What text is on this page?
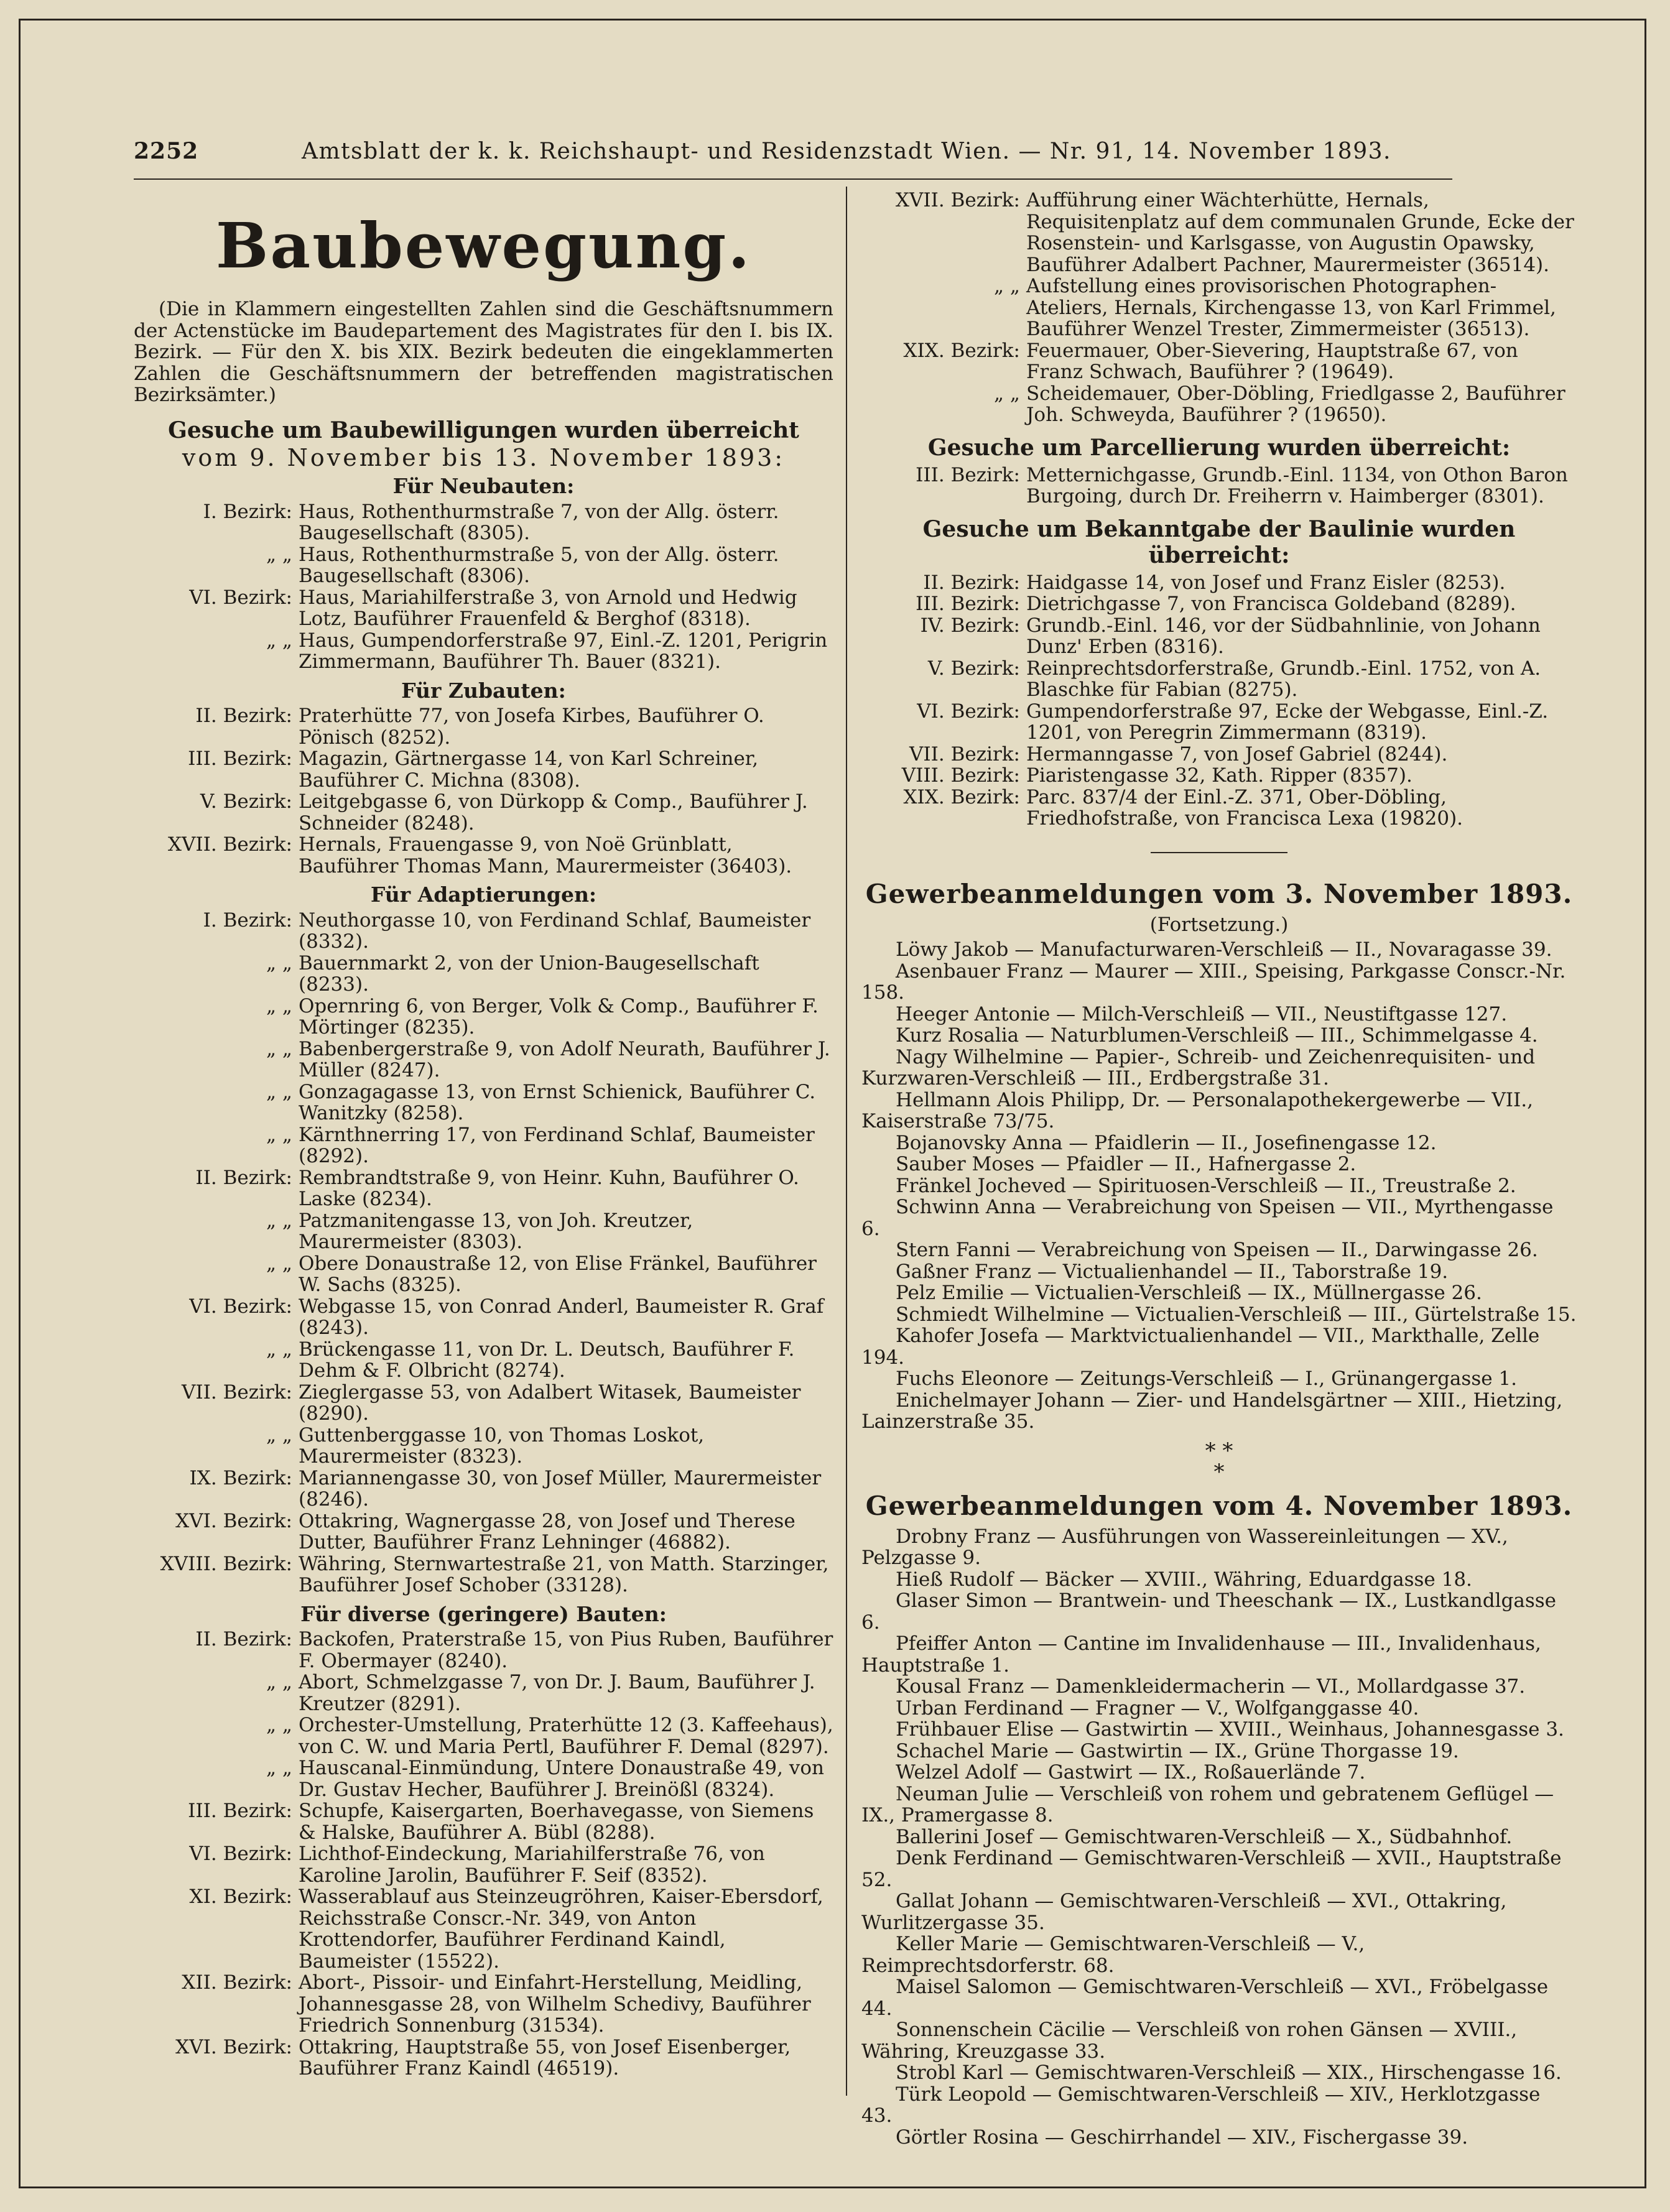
2252	Amtsblatt der k. k. Reichshaupt- und Residenzstadt Wien. — Nr. 91, 14. November 1893.
Baubewegung.
(Die in Klammern eingestellten Zahlen sind die Geschäftsnummern der Actenstücke im Baudepartement des Magistrates für den I. bis IX. Bezirk. — Für den X. bis XIX. Bezirk bedeuten die eingeklammerten Zahlen die Geschäftsnummern der betreffenden magistratischen Bezirksämter.)
Gesuche um Baubewilligungen wurden überreicht
vom 9. November bis 13. November 1893:
Für Neubauten:
I. Bezirk: Haus, Rothenthurmstraße 7, von der Allg. österr. Baugesellschaft (8305).
„ „ Haus, Rothenthurmstraße 5, von der Allg. österr. Baugesellschaft (8306).
VI. Bezirk: Haus, Mariahilferstraße 3, von Arnold und Hedwig Lotz, Bauführer Frauenfeld & Berghof (8318).
„ „ Haus, Gumpendorferstraße 97, Einl.-Z. 1201, Perigrin Zimmermann, Bauführer Th. Bauer (8321).
Für Zubauten:
II. Bezirk: Praterhütte 77, von Josefa Kirbes, Bauführer O. Pönisch (8252).
III. Bezirk: Magazin, Gärtnergasse 14, von Karl Schreiner, Bauführer C. Michna (8308).
V. Bezirk: Leitgebgasse 6, von Dürkopp & Comp., Bauführer J. Schneider (8248).
XVII. Bezirk: Hernals, Frauengasse 9, von Noë Grünblatt, Bauführer Thomas Mann, Maurermeister (36403).
Für Adaptierungen:
I. Bezirk: Neuthorgasse 10, von Ferdinand Schlaf, Baumeister (8332).
„ „ Bauernmarkt 2, von der Union-Baugesellschaft (8233).
„ „ Opernring 6, von Berger, Volk & Comp., Bauführer F. Mörtinger (8235).
„ „ Babenbergerstraße 9, von Adolf Neurath, Bauführer J. Müller (8247).
„ „ Gonzagagasse 13, von Ernst Schienick, Bauführer C. Wanitzky (8258).
„ „ Kärnthnerring 17, von Ferdinand Schlaf, Baumeister (8292).
II. Bezirk: Rembrandtstraße 9, von Heinr. Kuhn, Bauführer O. Laske (8234).
„ „ Patzmanitengasse 13, von Joh. Kreutzer, Maurermeister (8303).
„ „ Obere Donaustraße 12, von Elise Fränkel, Bauführer W. Sachs (8325).
VI. Bezirk: Webgasse 15, von Conrad Anderl, Baumeister R. Graf (8243).
„ „ Brückengasse 11, von Dr. L. Deutsch, Bauführer F. Dehm & F. Olbricht (8274).
VII. Bezirk: Zieglergasse 53, von Adalbert Witasek, Baumeister (8290).
„ „ Guttenberggasse 10, von Thomas Loskot, Maurermeister (8323).
IX. Bezirk: Mariannengasse 30, von Josef Müller, Maurermeister (8246).
XVI. Bezirk: Ottakring, Wagnergasse 28, von Josef und Therese Dutter, Bauführer Franz Lehninger (46882).
XVIII. Bezirk: Währing, Sternwartestraße 21, von Matth. Starzinger, Bauführer Josef Schober (33128).
Für diverse (geringere) Bauten:
II. Bezirk: Backofen, Praterstraße 15, von Pius Ruben, Bauführer F. Obermayer (8240).
„ „ Abort, Schmelzgasse 7, von Dr. J. Baum, Bauführer J. Kreutzer (8291).
„ „ Orchester-Umstellung, Praterhütte 12 (3. Kaffeehaus), von C. W. und Maria Pertl, Bauführer F. Demal (8297).
„ „ Hauscanal-Einmündung, Untere Donaustraße 49, von Dr. Gustav Hecher, Bauführer J. Breinößl (8324).
III. Bezirk: Schupfe, Kaisergarten, Boerhavegasse, von Siemens & Halske, Bauführer A. Bübl (8288).
VI. Bezirk: Lichthof-Eindeckung, Mariahilferstraße 76, von Karoline Jarolin, Bauführer F. Seif (8352).
XI. Bezirk: Wasserablauf aus Steinzeugröhren, Kaiser-Ebersdorf, Reichsstraße Conscr.-Nr. 349, von Anton Krottendorfer, Bauführer Ferdinand Kaindl, Baumeister (15522).
XII. Bezirk: Abort-, Pissoir- und Einfahrt-Herstellung, Meidling, Johannesgasse 28, von Wilhelm Schedivy, Bauführer Friedrich Sonnenburg (31534).
XVI. Bezirk: Ottakring, Hauptstraße 55, von Josef Eisenberger, Bauführer Franz Kaindl (46519).
XVII. Bezirk: Aufführung einer Wächterhütte, Hernals, Requisitenplatz auf dem communalen Grunde, Ecke der Rosenstein- und Karlsgasse, von Augustin Opawsky, Bauführer Adalbert Pachner, Maurermeister (36514).
„ „ Aufstellung eines provisorischen Photographen-Ateliers, Hernals, Kirchengasse 13, von Karl Frimmel, Bauführer Wenzel Trester, Zimmermeister (36513).
XIX. Bezirk: Feuermauer, Ober-Sievering, Hauptstraße 67, von Franz Schwach, Bauführer ? (19649).
„ „ Scheidemauer, Ober-Döbling, Friedlgasse 2, Bauführer Joh. Schweyda, Bauführer ? (19650).
Gesuche um Parcellierung wurden überreicht:
III. Bezirk: Metternichgasse, Grundb.-Einl. 1134, von Othon Baron Burgoing, durch Dr. Freiherrn v. Haimberger (8301).
Gesuche um Bekanntgabe der Baulinie wurden überreicht:
II. Bezirk: Haidgasse 14, von Josef und Franz Eisler (8253).
III. Bezirk: Dietrichgasse 7, von Francisca Goldeband (8289).
IV. Bezirk: Grundb.-Einl. 146, vor der Südbahnlinie, von Johann Dunz' Erben (8316).
V. Bezirk: Reinprechtsdorferstraße, Grundb.-Einl. 1752, von A. Blaschke für Fabian (8275).
VI. Bezirk: Gumpendorferstraße 97, Ecke der Webgasse, Einl.-Z. 1201, von Peregrin Zimmermann (8319).
VII. Bezirk: Hermanngasse 7, von Josef Gabriel (8244).
VIII. Bezirk: Piaristengasse 32, Kath. Ripper (8357).
XIX. Bezirk: Parc. 837/4 der Einl.-Z. 371, Ober-Döbling, Friedhofstraße, von Francisca Lexa (19820).
Gewerbeanmeldungen vom 3. November 1893.
(Fortsetzung.)
Löwy Jakob — Manufacturwaren-Verschleiß — II., Novaragasse 39.
Asenbauer Franz — Maurer — XIII., Speising, Parkgasse Conscr.-Nr. 158.
Heeger Antonie — Milch-Verschleiß — VII., Neustiftgasse 127.
Kurz Rosalia — Naturblumen-Verschleiß — III., Schimmelgasse 4.
Nagy Wilhelmine — Papier-, Schreib- und Zeichenrequisiten- und Kurzwaren-Verschleiß — III., Erdbergstraße 31.
Hellmann Alois Philipp, Dr. — Personalapothekergewerbe — VII., Kaiserstraße 73/75.
Bojanovsky Anna — Pfaidlerin — II., Josefinengasse 12.
Sauber Moses — Pfaidler — II., Hafnergasse 2.
Fränkel Jocheved — Spirituosen-Verschleiß — II., Treustraße 2.
Schwinn Anna — Verabreichung von Speisen — VII., Myrthengasse 6.
Stern Fanni — Verabreichung von Speisen — II., Darwingasse 26.
Gaßner Franz — Victualienhandel — II., Taborstraße 19.
Pelz Emilie — Victualien-Verschleiß — IX., Müllnergasse 26.
Schmiedt Wilhelmine — Victualien-Verschleiß — III., Gürtelstraße 15.
Kahofer Josefa — Marktvictualienhandel — VII., Markthalle, Zelle 194.
Fuchs Eleonore — Zeitungs-Verschleiß — I., Grünangergasse 1.
Enichelmayer Johann — Zier- und Handelsgärtner — XIII., Hietzing, Lainzerstraße 35.
* *
*
Gewerbeanmeldungen vom 4. November 1893.
Drobny Franz — Ausführungen von Wassereinleitungen — XV., Pelzgasse 9.
Hieß Rudolf — Bäcker — XVIII., Währing, Eduardgasse 18.
Glaser Simon — Brantwein- und Theeschank — IX., Lustkandlgasse 6.
Pfeiffer Anton — Cantine im Invalidenhause — III., Invalidenhaus, Hauptstraße 1.
Kousal Franz — Damenkleidermacherin — VI., Mollardgasse 37.
Urban Ferdinand — Fragner — V., Wolfganggasse 40.
Frühbauer Elise — Gastwirtin — XVIII., Weinhaus, Johannesgasse 3.
Schachel Marie — Gastwirtin — IX., Grüne Thorgasse 19.
Welzel Adolf — Gastwirt — IX., Roßauerlände 7.
Neuman Julie — Verschleiß von rohem und gebratenem Geflügel — IX., Pramergasse 8.
Ballerini Josef — Gemischtwaren-Verschleiß — X., Südbahnhof.
Denk Ferdinand — Gemischtwaren-Verschleiß — XVII., Hauptstraße 52.
Gallat Johann — Gemischtwaren-Verschleiß — XVI., Ottakring, Wurlitzergasse 35.
Keller Marie — Gemischtwaren-Verschleiß — V., Reimprechtsdorferstr. 68.
Maisel Salomon — Gemischtwaren-Verschleiß — XVI., Fröbelgasse 44.
Sonnenschein Cäcilie — Verschleiß von rohen Gänsen — XVIII., Währing, Kreuzgasse 33.
Strobl Karl — Gemischtwaren-Verschleiß — XIX., Hirschengasse 16.
Türk Leopold — Gemischtwaren-Verschleiß — XIV., Herklotzgasse 43.
Görtler Rosina — Geschirrhandel — XIV., Fischergasse 39.
